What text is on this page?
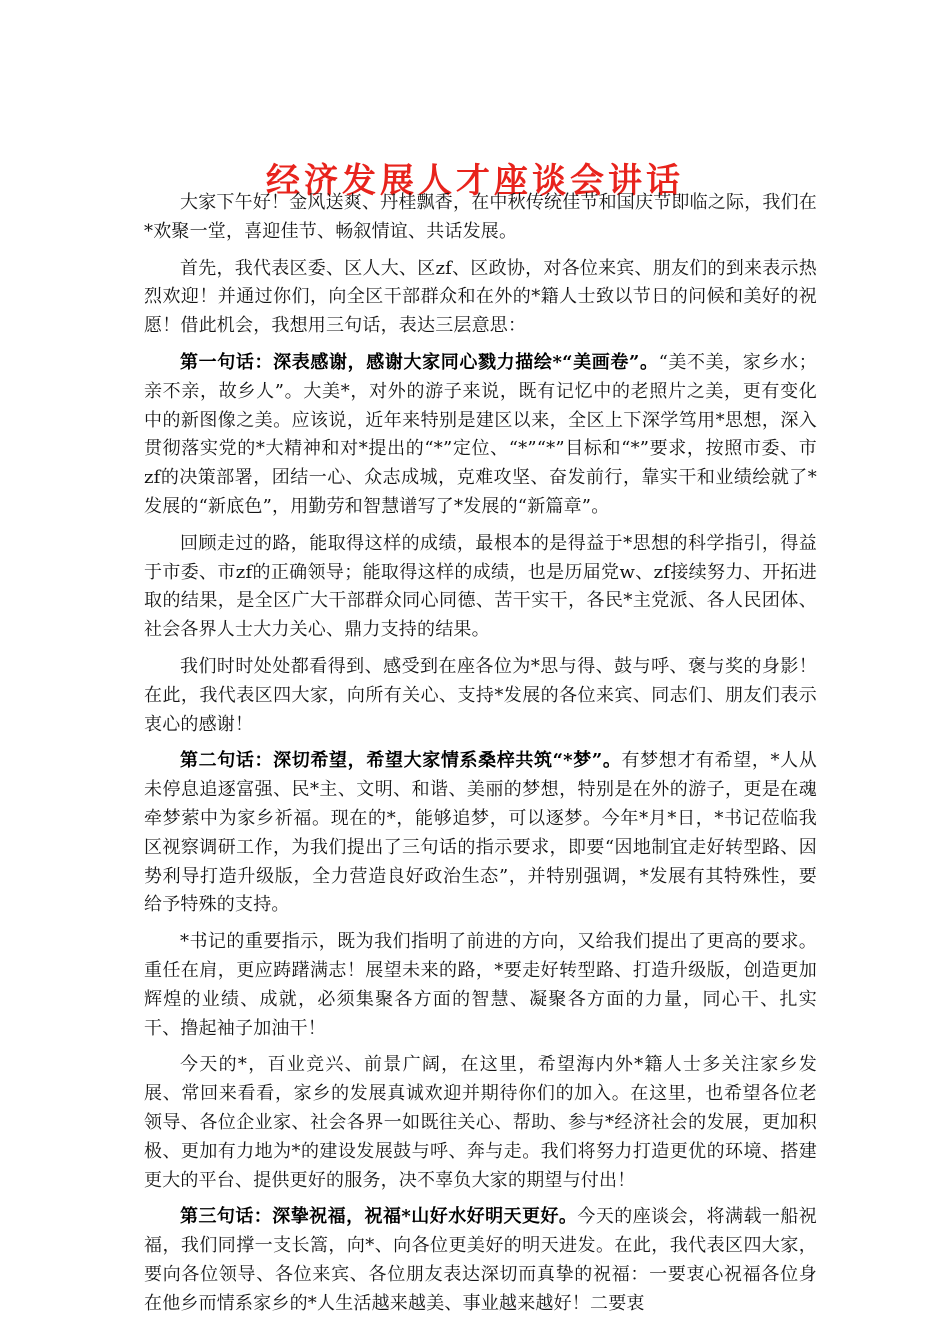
经济发展人才座谈会讲话

大家下午好！金风送爽、丹桂飘香，在中秋传统佳节和国庆节即临之际，我们在*欢聚一堂，喜迎佳节、畅叙情谊、共话发展。

首先，我代表区委、区人大、区zf、区政协，对各位来宾、朋友们的到来表示热烈欢迎！并通过你们，向全区干部群众和在外的*籍人士致以节日的问候和美好的祝愿！借此机会，我想用三句话，表达三层意思：

第一句话：深表感谢，感谢大家同心戮力描绘*“美画卷”。“美不美，家乡水；亲不亲，故乡人”。大美*，对外的游子来说，既有记忆中的老照片之美，更有变化中的新图像之美。应该说，近年来特别是建区以来，全区上下深学笃用*思想，深入贯彻落实党的*大精神和对*提出的“*”定位、“*”“*”目标和“*”要求，按照市委、市zf的决策部署，团结一心、众志成城，克难攻坚、奋发前行，靠实干和业绩绘就了*发展的“新底色”，用勤劳和智慧谱写了*发展的“新篇章”。

回顾走过的路，能取得这样的成绩，最根本的是得益于*思想的科学指引，得益于市委、市zf的正确领导；能取得这样的成绩，也是历届党w、zf接续努力、开拓进取的结果，是全区广大干部群众同心同德、苦干实干，各民*主党派、各人民团体、社会各界人士大力关心、鼎力支持的结果。

我们时时处处都看得到、感受到在座各位为*思与得、鼓与呼、褒与奖的身影！在此，我代表区四大家，向所有关心、支持*发展的各位来宾、同志们、朋友们表示衷心的感谢！

第二句话：深切希望，希望大家情系桑梓共筑“*梦”。有梦想才有希望，*人从未停息追逐富强、民*主、文明、和谐、美丽的梦想，特别是在外的游子，更是在魂牵梦萦中为家乡祈福。现在的*，能够追梦，可以逐梦。今年*月*日，*书记莅临我区视察调研工作，为我们提出了三句话的指示要求，即要“因地制宜走好转型路、因势利导打造升级版，全力营造良好政治生态”，并特别强调，*发展有其特殊性，要给予特殊的支持。

*书记的重要指示，既为我们指明了前进的方向，又给我们提出了更高的要求。重任在肩，更应踌躇满志！展望未来的路，*要走好转型路、打造升级版，创造更加辉煌的业绩、成就，必须集聚各方面的智慧、凝聚各方面的力量，同心干、扎实干、撸起袖子加油干！

今天的*，百业竞兴、前景广阔，在这里，希望海内外*籍人士多关注家乡发展、常回来看看，家乡的发展真诚欢迎并期待你们的加入。在这里，也希望各位老领导、各位企业家、社会各界一如既往关心、帮助、参与*经济社会的发展，更加积极、更加有力地为*的建设发展鼓与呼、奔与走。我们将努力打造更优的环境、搭建更大的平台、提供更好的服务，决不辜负大家的期望与付出！

第三句话：深挚祝福，祝福*山好水好明天更好。今天的座谈会，将满载一船祝福，我们同撑一支长篙，向*、向各位更美好的明天进发。在此，我代表区四大家，要向各位领导、各位来宾、各位朋友表达深切而真挚的祝福：一要衷心祝福各位身在他乡而情系家乡的*人生活越来越美、事业越来越好！二要衷
